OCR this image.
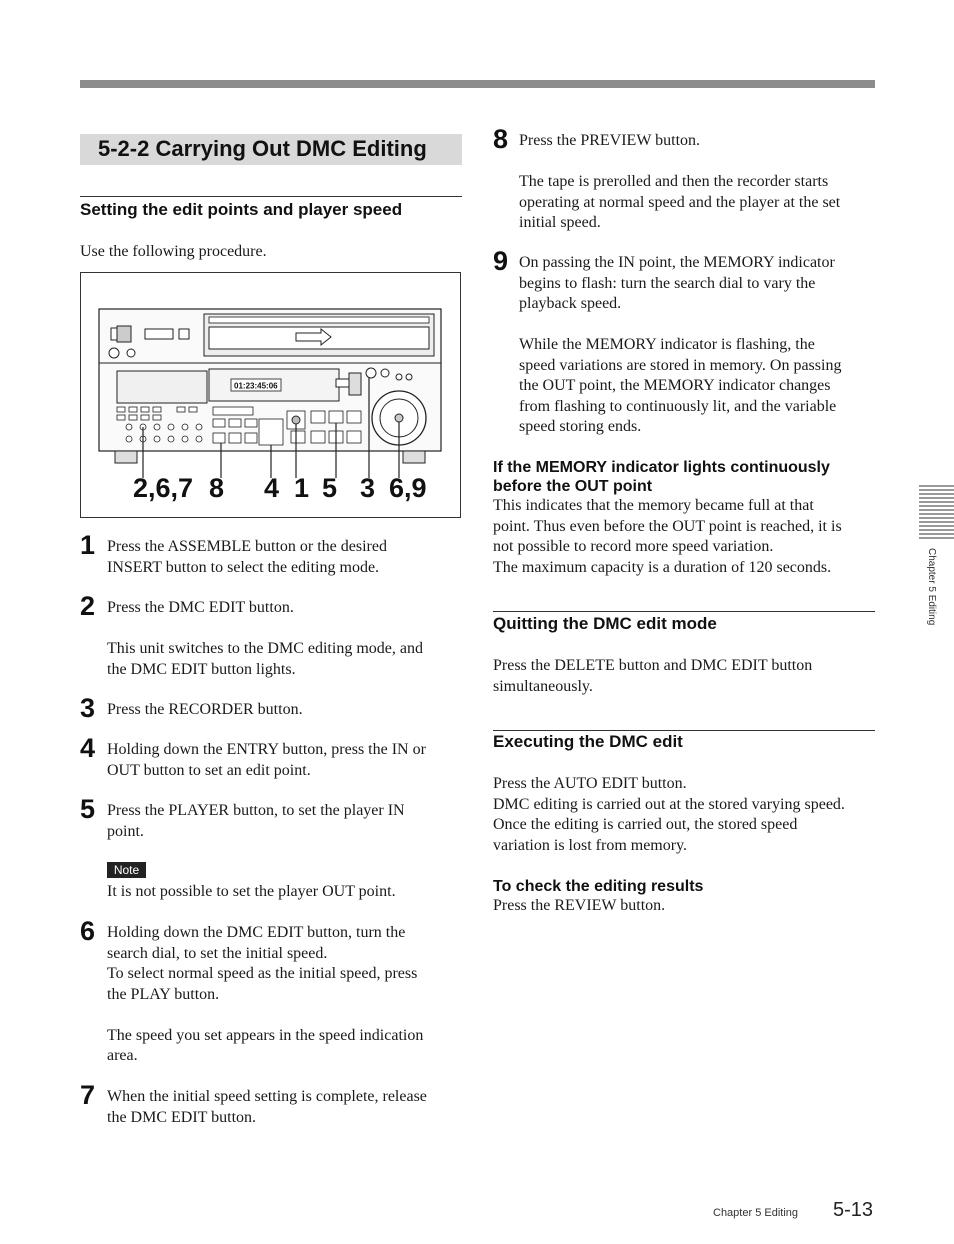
5-2-2 Carrying Out DMC Editing
Setting the edit points and player speed
Use the following procedure.
01:23:45:06
2,6,7 8 4 1 5 3 6,9
1 Press the ASSEMBLE button or the desired
INSERT button to select the editing mode.
2 Press the DMC EDIT button.
This unit switches to the DMC editing mode, and
the DMC EDIT button lights.
3 Press the RECORDER button.
4 Holding down the ENTRY button, press the IN or
OUT button to set an edit point.
5 Press the PLAYER button, to set the player IN
point.
Note
It is not possible to set the player OUT point.
6 Holding down the DMC EDIT button, turn the
search dial, to set the initial speed.
To select normal speed as the initial speed, press
the PLAY button.
The speed you set appears in the speed indication
area.
7 When the initial speed setting is complete, release
the DMC EDIT button.
8 Press the PREVIEW button.
The tape is prerolled and then the recorder starts
operating at normal speed and the player at the set
initial speed.
9 On passing the IN point, the MEMORY indicator
begins to flash: turn the search dial to vary the
playback speed.
While the MEMORY indicator is flashing, the
speed variations are stored in memory. On passing
the OUT point, the MEMORY indicator changes
from flashing to continuously lit, and the variable
speed storing ends.
If the MEMORY indicator lights continuously
before the OUT point
This indicates that the memory became full at that
point. Thus even before the OUT point is reached, it is
not possible to record more speed variation.
The maximum capacity is a duration of 120 seconds.
Quitting the DMC edit mode
Press the DELETE button and DMC EDIT button
simultaneously.
Executing the DMC edit
Press the AUTO EDIT button.
DMC editing is carried out at the stored varying speed.
Once the editing is carried out, the stored speed
variation is lost from memory.
To check the editing results
Press the REVIEW button.
Chapter 5 Editing
Chapter 5 Editing 5-13
